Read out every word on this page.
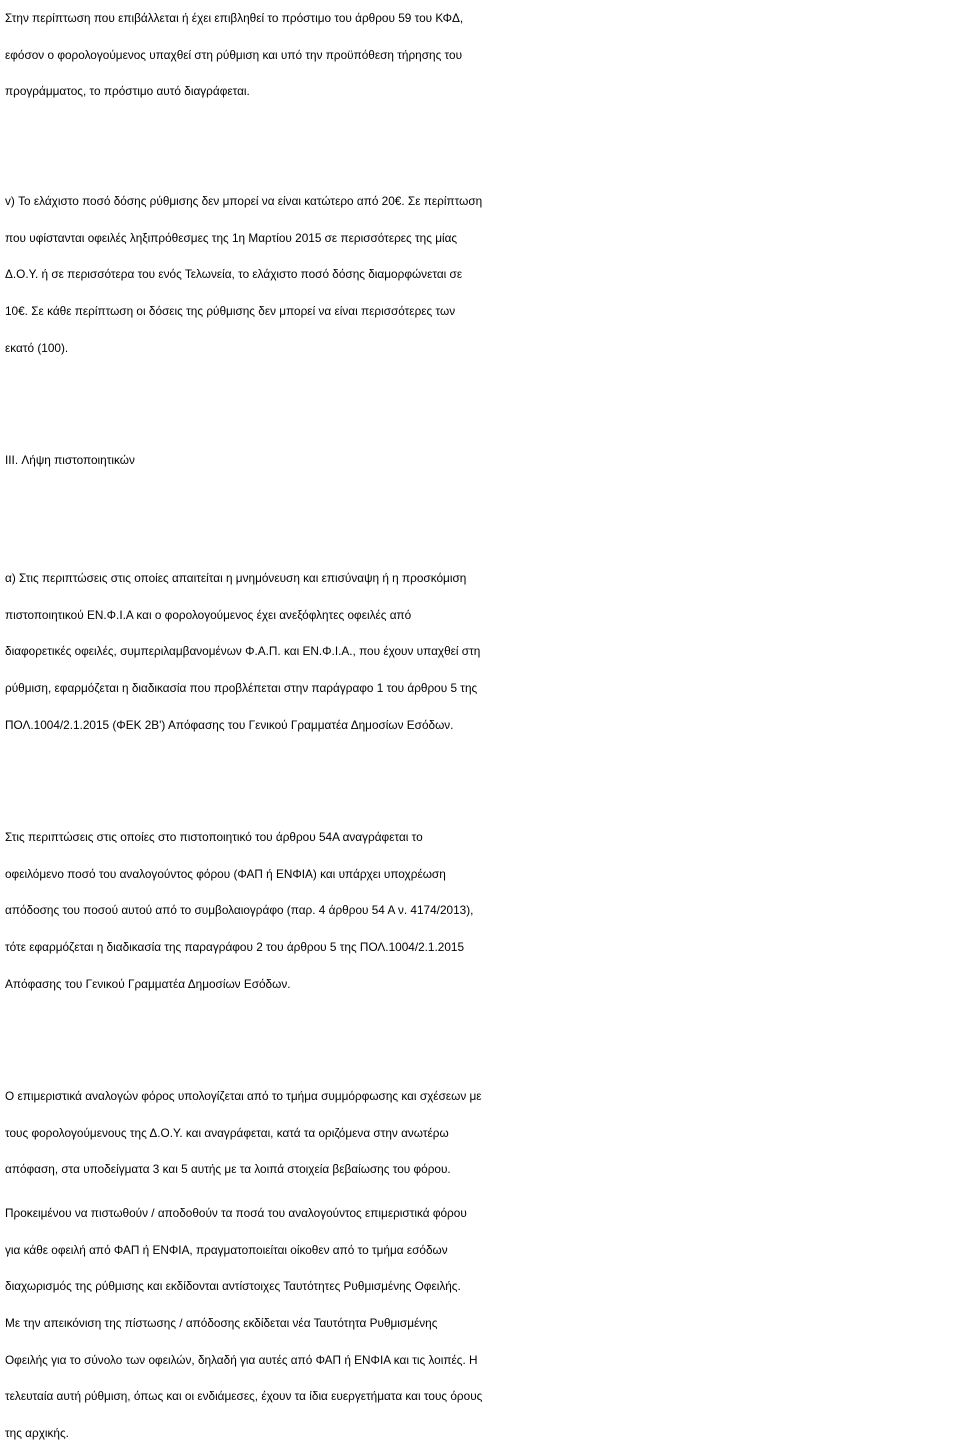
Στην περίπτωση που επιβάλλεται ή έχει επιβληθεί το πρόστιμο του άρθρου 59 του ΚΦΔ,
εφόσον ο φορολογούμενος υπαχθεί στη ρύθμιση και υπό την προϋπόθεση τήρησης του
προγράμματος, το πρόστιμο αυτό διαγράφεται.
v) Το ελάχιστο ποσό δόσης ρύθμισης δεν μπορεί να είναι κατώτερο από 20€. Σε περίπτωση
που υφίστανται οφειλές ληξιπρόθεσμες της 1η Μαρτίου 2015 σε περισσότερες της μίας
Δ.Ο.Υ. ή σε περισσότερα του ενός Τελωνεία, το ελάχιστο ποσό δόσης διαμορφώνεται σε
10€. Σε κάθε περίπτωση οι δόσεις της ρύθμισης δεν μπορεί να είναι περισσότερες των
εκατό (100).
III. Λήψη πιστοποιητικών
α) Στις περιπτώσεις στις οποίες απαιτείται η μνημόνευση και επισύναψη ή η προσκόμιση
πιστοποιητικού ΕΝ.Φ.Ι.Α και ο φορολογούμενος έχει ανεξόφλητες οφειλές από
διαφορετικές οφειλές, συμπεριλαμβανομένων Φ.Α.Π. και ΕΝ.Φ.Ι.Α., που έχουν υπαχθεί στη
ρύθμιση, εφαρμόζεται η διαδικασία που προβλέπεται στην παράγραφο 1 του άρθρου 5 της
ΠΟΛ.1004/2.1.2015 (ΦΕΚ 2Β') Απόφασης του Γενικού Γραμματέα Δημοσίων Εσόδων.
Στις περιπτώσεις στις οποίες στο πιστοποιητικό του άρθρου 54Α αναγράφεται το
οφειλόμενο ποσό του αναλογούντος φόρου (ΦΑΠ ή ΕΝΦΙΑ) και υπάρχει υποχρέωση
απόδοσης του ποσού αυτού από το συμβολαιογράφο (παρ. 4 άρθρου 54 Α ν. 4174/2013),
τότε εφαρμόζεται η διαδικασία της παραγράφου 2 του άρθρου 5 της ΠΟΛ.1004/2.1.2015
Απόφασης του Γενικού Γραμματέα Δημοσίων Εσόδων.
Ο επιμεριστικά αναλογών φόρος υπολογίζεται από το τμήμα συμμόρφωσης και σχέσεων με
τους φορολογούμενους της Δ.Ο.Υ. και αναγράφεται, κατά τα οριζόμενα στην ανωτέρω
απόφαση, στα υποδείγματα 3 και 5 αυτής με τα λοιπά στοιχεία βεβαίωσης του φόρου.
Προκειμένου να πιστωθούν / αποδοθούν τα ποσά του αναλογούντος επιμεριστικά φόρου
για κάθε οφειλή από ΦΑΠ ή ΕΝΦΙΑ, πραγματοποιείται οίκοθεν από το τμήμα εσόδων
διαχωρισμός της ρύθμισης και εκδίδονται αντίστοιχες Ταυτότητες Ρυθμισμένης Οφειλής.
Με την απεικόνιση της πίστωσης / απόδοσης εκδίδεται νέα Ταυτότητα Ρυθμισμένης
Οφειλής για το σύνολο των οφειλών, δηλαδή για αυτές από ΦΑΠ ή ΕΝΦΙΑ και τις λοιπές. Η
τελευταία αυτή ρύθμιση, όπως και οι ενδιάμεσες, έχουν τα ίδια ευεργετήματα και τους όρους
της αρχικής.
